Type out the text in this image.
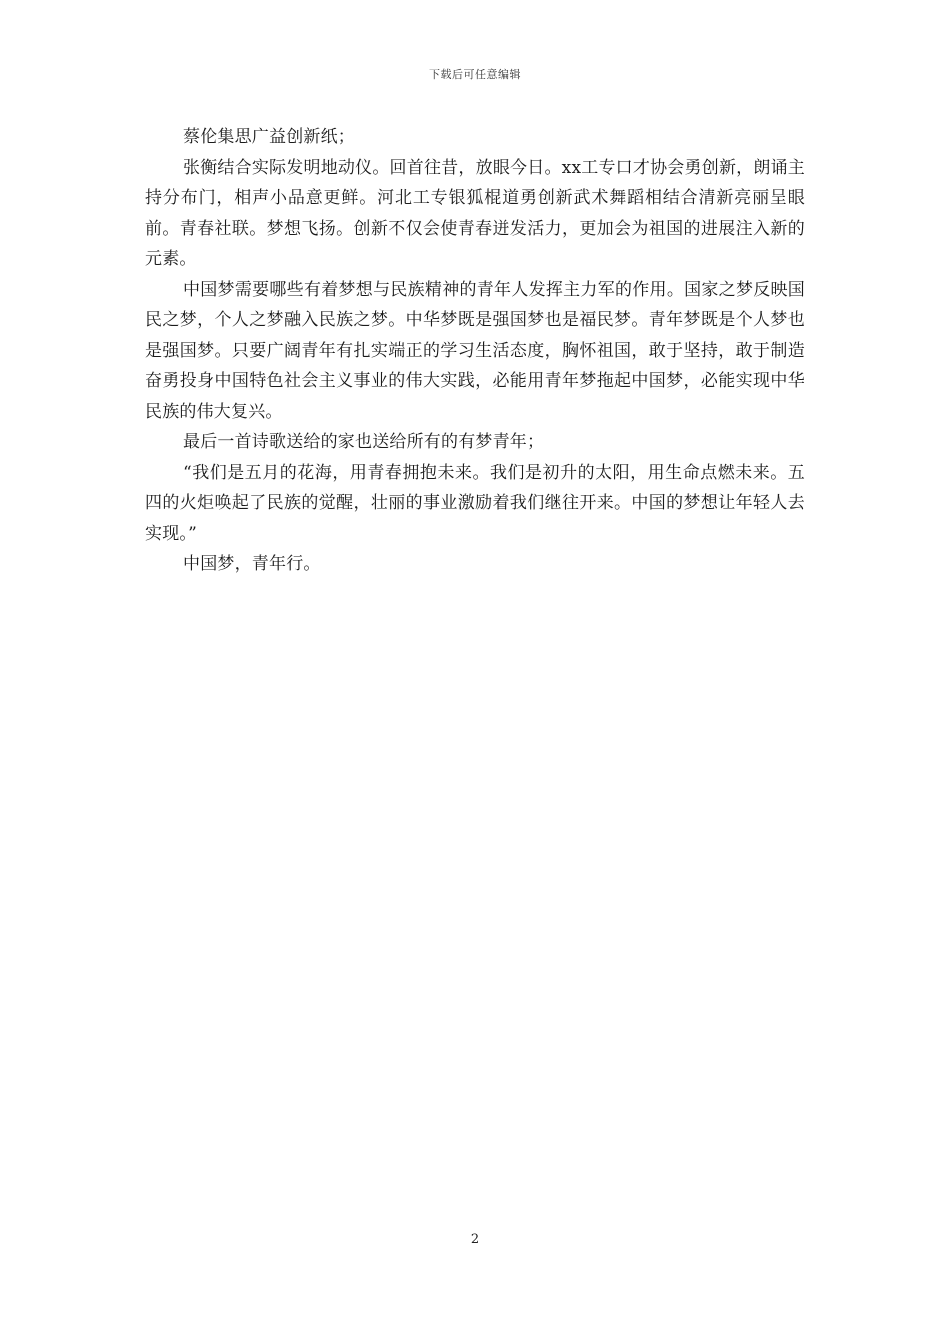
下载后可任意编辑

蔡伦集思广益创新纸；

张衡结合实际发明地动仪。回首往昔，放眼今日。xx工专口才协会勇创新，朗诵主持分布门，相声小品意更鲜。河北工专银狐棍道勇创新武术舞蹈相结合清新亮丽呈眼前。青春社联。梦想飞扬。创新不仅会使青春迸发活力，更加会为祖国的进展注入新的元素。

中国梦需要哪些有着梦想与民族精神的青年人发挥主力军的作用。国家之梦反映国民之梦，个人之梦融入民族之梦。中华梦既是强国梦也是福民梦。青年梦既是个人梦也是强国梦。只要广阔青年有扎实端正的学习生活态度，胸怀祖国，敢于坚持，敢于制造奋勇投身中国特色社会主义事业的伟大实践，必能用青年梦拖起中国梦，必能实现中华民族的伟大复兴。

最后一首诗歌送给的家也送给所有的有梦青年；

“我们是五月的花海，用青春拥抱未来。我们是初升的太阳，用生命点燃未来。五四的火炬唤起了民族的觉醒，壮丽的事业激励着我们继往开来。中国的梦想让年轻人去实现。”

中国梦，青年行。

2
